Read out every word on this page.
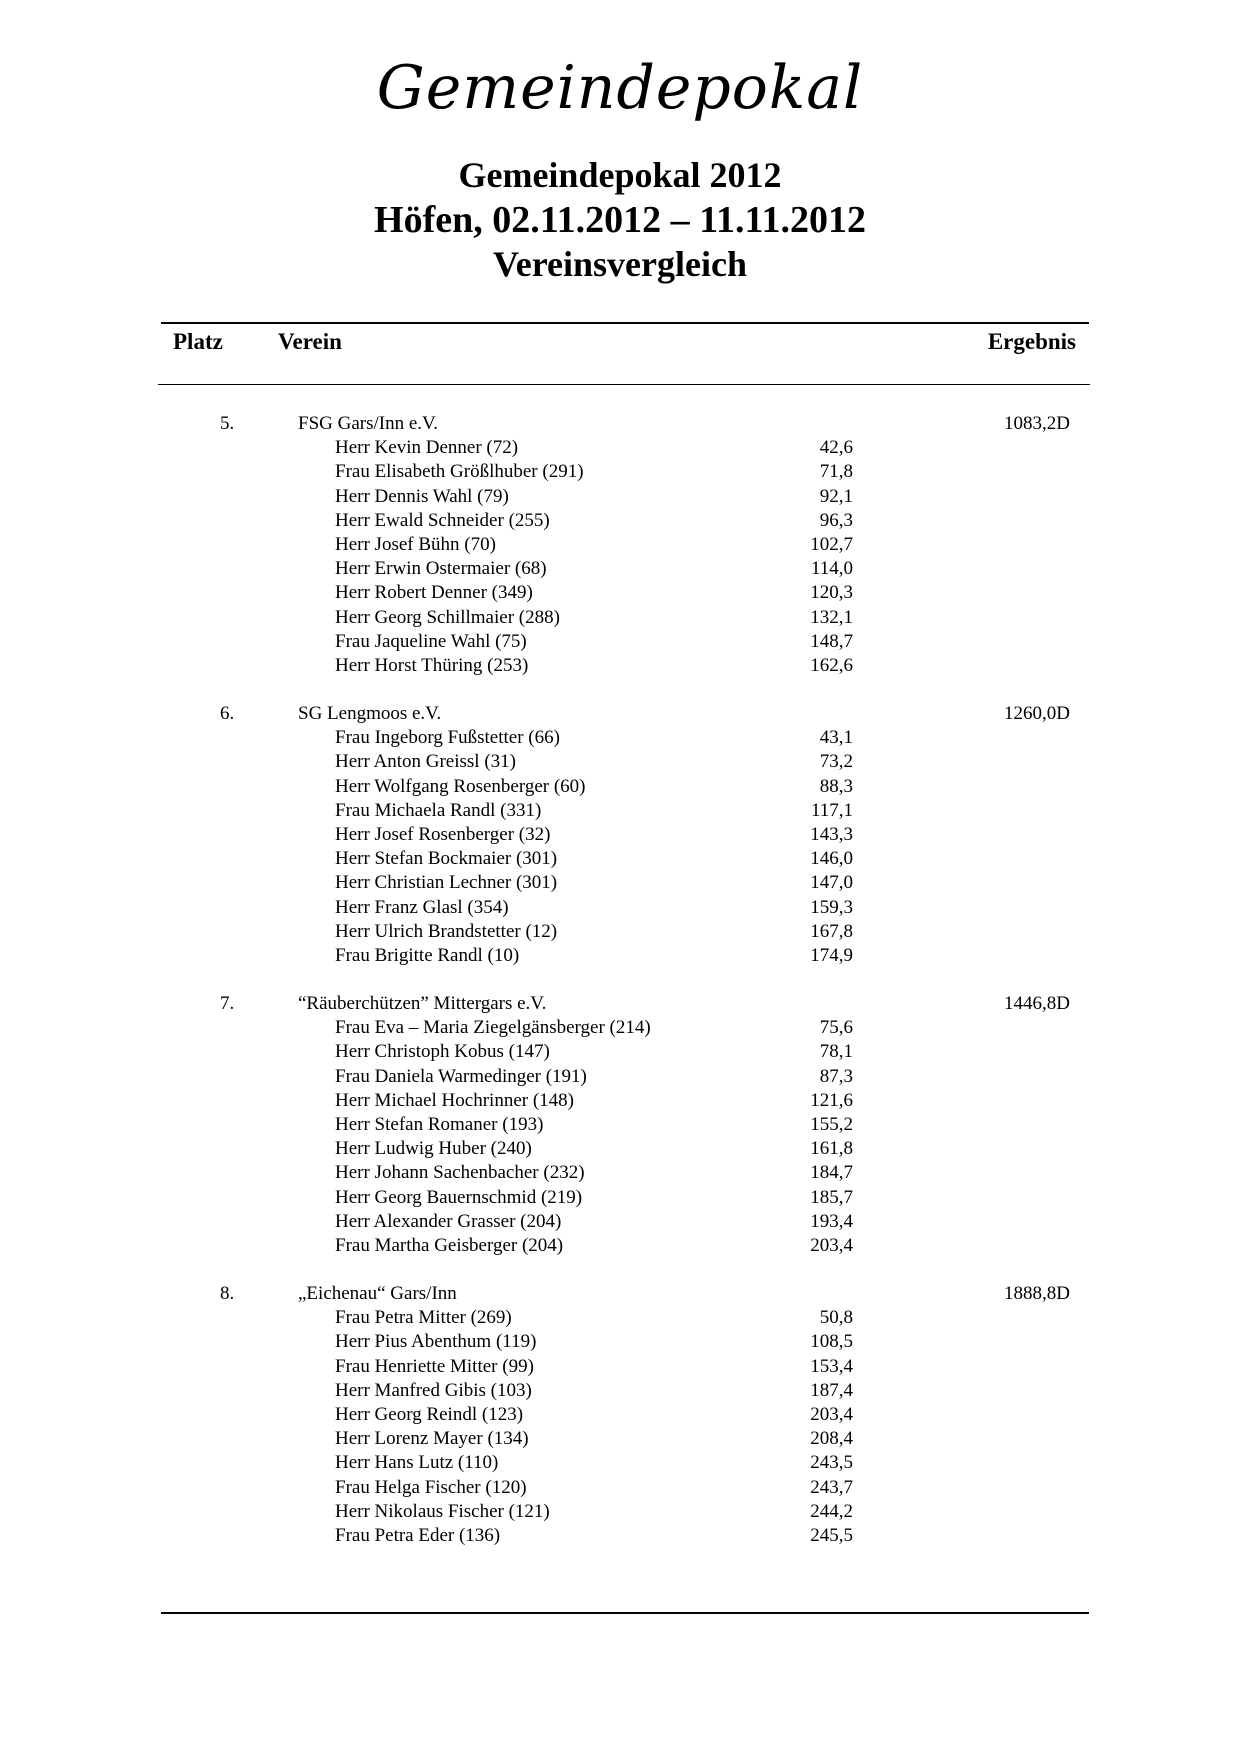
Gemeindepokal
Gemeindepokal 2012
Höfen, 02.11.2012 – 11.11.2012
Vereinsvergleich
Platz Verein	Ergebnis
5.	FSG Gars/Inn e.V.	1083,2D
Herr Kevin Denner (72)	42,6
Frau Elisabeth Größlhuber (291)	71,8
Herr Dennis Wahl (79)	92,1
Herr Ewald Schneider (255)	96,3
Herr Josef Bühn (70)	102,7
Herr Erwin Ostermaier (68)	114,0
Herr Robert Denner (349)	120,3
Herr Georg Schillmaier (288)	132,1
Frau Jaqueline Wahl (75)	148,7
Herr Horst Thüring (253)	162,6
6.	SG Lengmoos e.V.	1260,0D
Frau Ingeborg Fußstetter (66)	43,1
Herr Anton Greissl (31)	73,2
Herr Wolfgang Rosenberger (60)	88,3
Frau Michaela Randl (331)	117,1
Herr Josef Rosenberger (32)	143,3
Herr Stefan Bockmaier (301)	146,0
Herr Christian Lechner (301)	147,0
Herr Franz Glasl (354)	159,3
Herr Ulrich Brandstetter (12)	167,8
Frau Brigitte Randl (10)	174,9
7.	“Räuberchützen” Mittergars e.V.	1446,8D
Frau Eva – Maria Ziegelgänsberger (214)	75,6
Herr Christoph Kobus (147)	78,1
Frau Daniela Warmedinger (191)	87,3
Herr Michael Hochrinner (148)	121,6
Herr Stefan Romaner (193)	155,2
Herr Ludwig Huber (240)	161,8
Herr Johann Sachenbacher (232)	184,7
Herr Georg Bauernschmid (219)	185,7
Herr Alexander Grasser (204)	193,4
Frau Martha Geisberger (204)	203,4
8.	„Eichenau“ Gars/Inn	1888,8D
Frau Petra Mitter (269)	50,8
Herr Pius Abenthum (119)	108,5
Frau Henriette Mitter (99)	153,4
Herr Manfred Gibis (103)	187,4
Herr Georg Reindl (123)	203,4
Herr Lorenz Mayer (134)	208,4
Herr Hans Lutz (110)	243,5
Frau Helga Fischer (120)	243,7
Herr Nikolaus Fischer (121)	244,2
Frau Petra Eder (136)	245,5
